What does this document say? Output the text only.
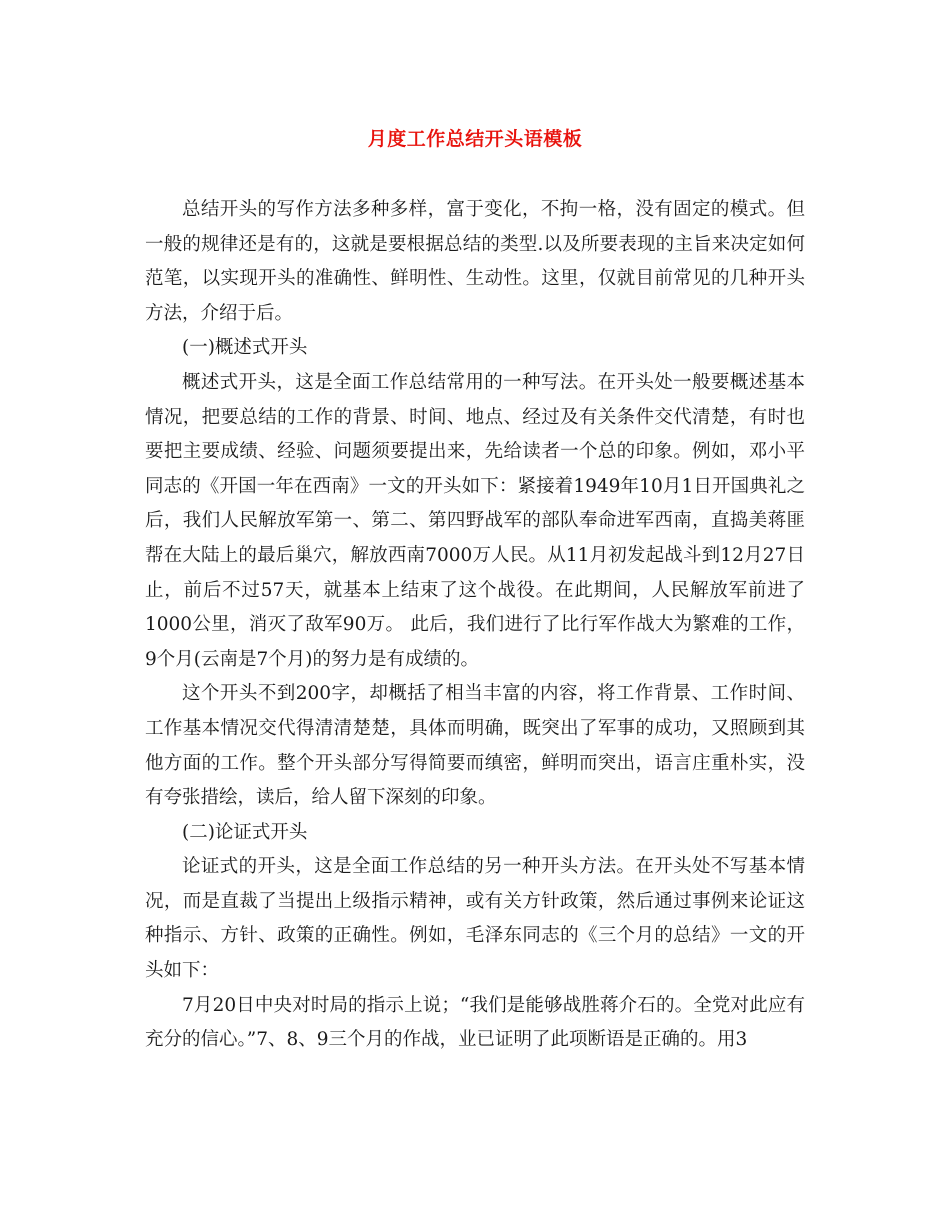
月度工作总结开头语模板

总结开头的写作方法多种多样，富于变化，不拘一格，没有固定的模式。但一般的规律还是有的，这就是要根据总结的类型.以及所要表现的主旨来决定如何范笔，以实现开头的准确性、鲜明性、生动性。这里，仅就目前常见的几种开头方法，介绍于后。

(一)概述式开头

概述式开头，这是全面工作总结常用的一种写法。在开头处一般要概述基本情况，把要总结的工作的背景、时间、地点、经过及有关条件交代清楚，有时也要把主要成绩、经验、问题须要提出来，先给读者一个总的印象。例如，邓小平同志的《开国一年在西南》一文的开头如下：紧接着1949年10月1日开国典礼之后，我们人民解放军第一、第二、第四野战军的部队奉命进军西南，直捣美蒋匪帮在大陆上的最后巢穴，解放西南7000万人民。从11月初发起战斗到12月27日止，前后不过57天，就基本上结束了这个战役。在此期间，人民解放军前进了1000公里，消灭了敌军90万。 此后，我们进行了比行军作战大为繁难的工作，9个月(云南是7个月)的努力是有成绩的。

这个开头不到200字，却概括了相当丰富的内容，将工作背景、工作时间、工作基本情况交代得清清楚楚，具体而明确，既突出了军事的成功，又照顾到其他方面的工作。整个开头部分写得简要而缜密，鲜明而突出，语言庄重朴实，没有夸张措绘，读后，给人留下深刻的印象。

(二)论证式开头

论证式的开头，这是全面工作总结的另一种开头方法。在开头处不写基本情况，而是直裁了当提出上级指示精神，或有关方针政策，然后通过事例来论证这种指示、方针、政策的正确性。例如，毛泽东同志的《三个月的总结》一文的开头如下：

7月20日中央对时局的指示上说；“我们是能够战胜蒋介石的。全党对此应有充分的信心。”7、8、9三个月的作战，业已证明了此项断语是正确的。用3
